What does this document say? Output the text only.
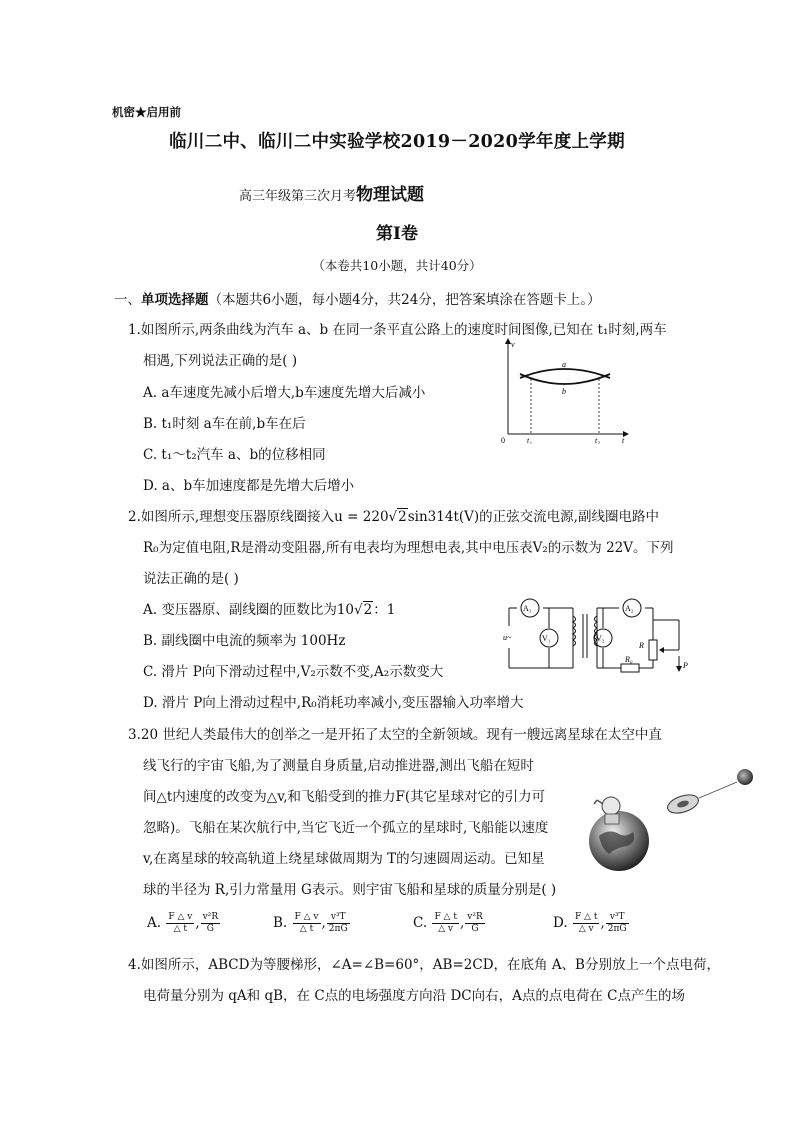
机密★启用前
临川二中、临川二中实验学校2019－2020学年度上学期
高三年级第三次月考物理试题
第Ⅰ卷
（本卷共10小题，共计40分）
一、单项选择题（本题共6小题，每小题4分，共24分，把答案填涂在答题卡上。）
1.如图所示,两条曲线为汽车 a、b 在同一条平直公路上的速度时间图像,已知在 t₁时刻,两车
相遇,下列说法正确的是( )
A. a车速度先减小后增大,b车速度先增大后减小
B. t₁时刻 a车在前,b车在后
C. t₁～t₂汽车 a、b的位移相同
D. a、b车加速度都是先增大后增小
v
t
0	t₁	t₂
a
b
2.如图所示,理想变压器原线圈接入u = 220√2sin314t(V)的正弦交流电源,副线圈电路中
R₀为定值电阻,R是滑动变阻器,所有电表均为理想电表,其中电压表V₂的示数为 22V。下列
说法正确的是( )
A. 变压器原、副线圈的匝数比为10√2：1
B. 副线圈中电流的频率为 100Hz
C. 滑片 P向下滑动过程中,V₂示数不变,A₂示数变大
D. 滑片 P向上滑动过程中,R₀消耗功率减小,变压器输入功率增大
A₁
V₁
A₂
V₂
u~
R
R₀
P
3.20 世纪人类最伟大的创举之一是开拓了太空的全新领域。现有一艘远离星球在太空中直
线飞行的宇宙飞船,为了测量自身质量,启动推进器,测出飞船在短时
间△t内速度的改变为△v,和飞船受到的推力F(其它星球对它的引力可
忽略)。飞船在某次航行中,当它飞近一个孤立的星球时,飞船能以速度
v,在离星球的较高轨道上绕星球做周期为 T的匀速圆周运动。已知星
球的半径为 R,引力常量用 G表示。则宇宙飞船和星球的质量分别是( )
A. $\frac{F \triangle v}{\triangle t}$ , $\frac{\text{v²R}}{G}$	B. $\frac{F \triangle v}{\triangle t}$ , $\frac{\text{v³T}}{2\pi G}$	C. $\frac{F \triangle t}{\triangle v}$ , $\frac{\text{v²R}}{G}$	D. $\frac{F \triangle t}{\triangle v}$ , $\frac{\text{v³T}}{2\pi G}$
4.如图所示，ABCD为等腰梯形，∠A=∠B=60°，AB=2CD，在底角 A、B分别放上一个点电荷，
电荷量分别为 qA和 qB，在 C点的电场强度方向沿 DC向右，A点的点电荷在 C点产生的场
